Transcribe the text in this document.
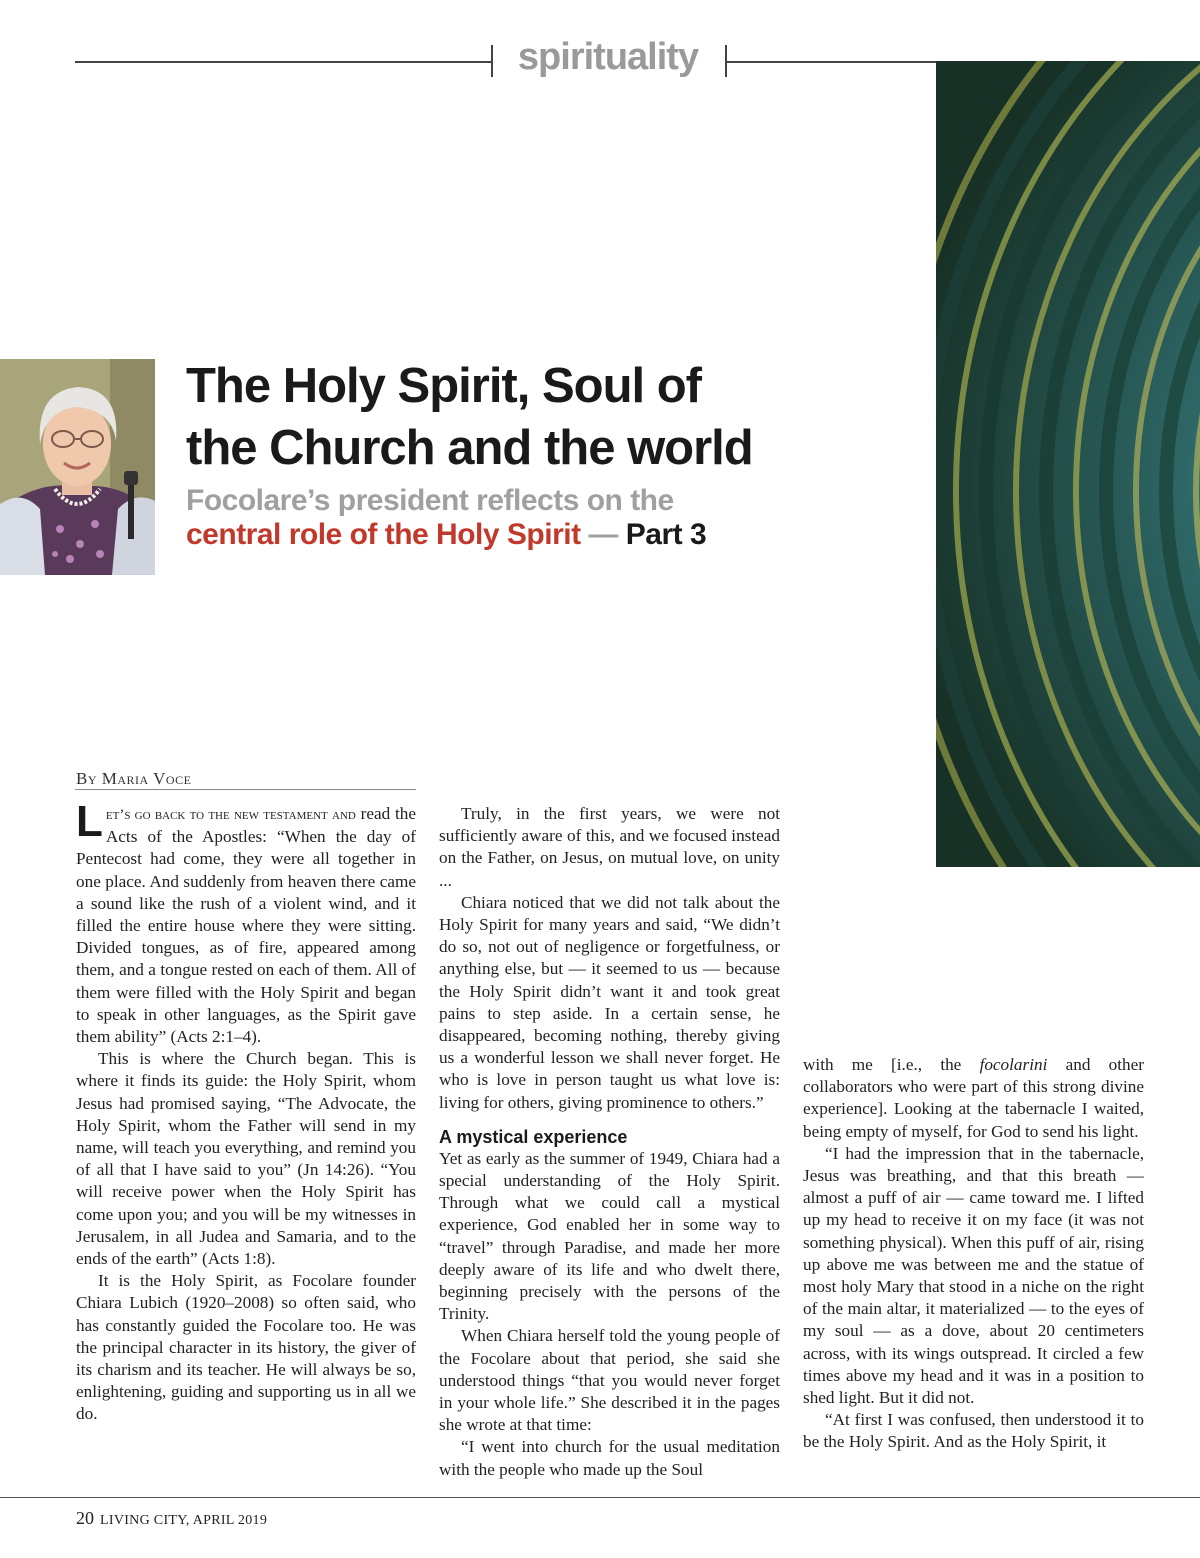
spirituality
The Holy Spirit, Soul of
the Church and the world
Focolare’s president reflects on the
central role of the Holy Spirit — Part 3
By Maria Voce

Let’s go back to the new testament and read the Acts of the Apostles: “When the day of Pentecost had come, they were all together in one place. And suddenly from heaven there came a sound like the rush of a violent wind, and it filled the entire house where they were sitting. Divided tongues, as of fire, appeared among them, and a tongue rested on each of them. All of them were filled with the Holy Spirit and began to speak in other languages, as the Spirit gave them ability” (Acts 2:1–4).

This is where the Church began. This is where it finds its guide: the Holy Spirit, whom Jesus had promised saying, “The Advocate, the Holy Spirit, whom the Father will send in my name, will teach you everything, and remind you of all that I have said to you” (Jn 14:26). “You will receive power when the Holy Spirit has come upon you; and you will be my witnesses in Jerusalem, in all Judea and Samaria, and to the ends of the earth” (Acts 1:8).

It is the Holy Spirit, as Focolare founder Chiara Lubich (1920–2008) so often said, who has constantly guided the Focolare too. He was the principal character in its history, the giver of its charism and its teacher. He will always be so, enlightening, guiding and supporting us in all we do.

Truly, in the first years, we were not sufficiently aware of this, and we focused instead on the Father, on Jesus, on mutual love, on unity ...

Chiara noticed that we did not talk about the Holy Spirit for many years and said, “We didn’t do so, not out of negligence or forgetfulness, or anything else, but — it seemed to us — because the Holy Spirit didn’t want it and took great pains to step aside. In a certain sense, he disappeared, becoming nothing, thereby giving us a wonderful lesson we shall never forget. He who is love in person taught us what love is: living for others, giving prominence to others.”

A mystical experience

Yet as early as the summer of 1949, Chiara had a special understanding of the Holy Spirit. Through what we could call a mystical experience, God enabled her in some way to “travel” through Paradise, and made her more deeply aware of its life and who dwelt there, beginning precisely with the persons of the Trinity.

When Chiara herself told the young people of the Focolare about that period, she said she understood things “that you would never forget in your whole life.” She described it in the pages she wrote at that time:

“I went into church for the usual meditation with the people who made up the Soul

with me [i.e., the focolarini and other collaborators who were part of this strong divine experience]. Looking at the tabernacle I waited, being empty of myself, for God to send his light.

“I had the impression that in the tabernacle, Jesus was breathing, and that this breath — almost a puff of air — came toward me. I lifted up my head to receive it on my face (it was not something physical). When this puff of air, rising up above me was between me and the statue of most holy Mary that stood in a niche on the right of the main altar, it materialized — to the eyes of my soul — as a dove, about 20 centimeters across, with its wings outspread. It circled a few times above my head and it was in a position to shed light. But it did not.

“At first I was confused, then understood it to be the Holy Spirit. And as the Holy Spirit, it

20 LIVING CITY, APRIL 2019
